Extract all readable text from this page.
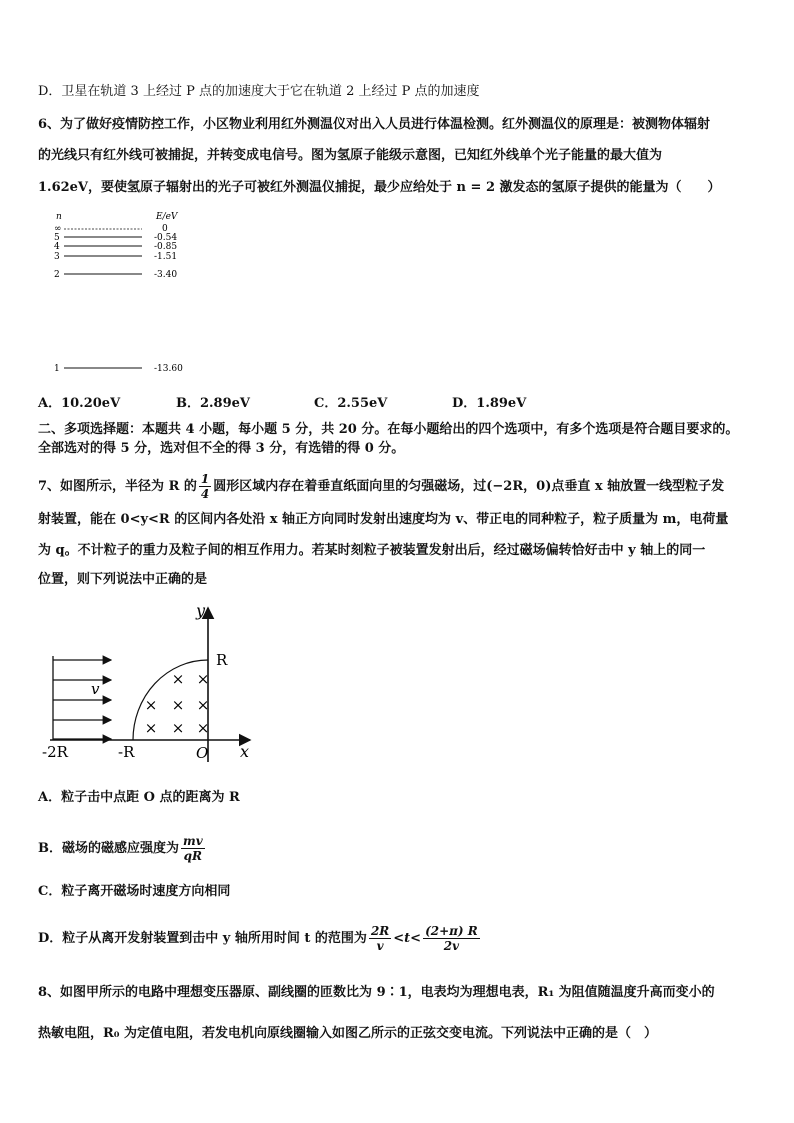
D．卫星在轨道 3 上经过 P 点的加速度大于它在轨道 2 上经过 P 点的加速度
6、为了做好疫情防控工作，小区物业利用红外测温仪对出入人员进行体温检测。红外测温仪的原理是：被测物体辐射
的光线只有红外线可被捕捉，并转变成电信号。图为氢原子能级示意图，已知红外线单个光子能量的最大值为
1.62eV，要使氢原子辐射出的光子可被红外测温仪捕捉，最少应给处于 n = 2 激发态的氢原子提供的能量为（　　）
n	E/eV
∞	0
5	-0.54
4	-0.85
3	-1.51
2	-3.40
1	-13.60
A．10.20eV	B．2.89eV	C．2.55eV	D．1.89eV
二、多项选择题：本题共 4 小题，每小题 5 分，共 20 分。在每小题给出的四个选项中，有多个选项是符合题目要求的。
全部选对的得 5 分，选对但不全的得 3 分，有选错的得 0 分。
7、如图所示，半径为 R 的 $\frac{1}{4}$ 圆形区域内存在着垂直纸面向里的匀强磁场，过(−2R，0)点垂直 x 轴放置一线型粒子发
射装置，能在 0<y<R 的区间内各处沿 x 轴正方向同时发射出速度均为 v、带正电的同种粒子，粒子质量为 m，电荷量
为 q。不计粒子的重力及粒子间的相互作用力。若某时刻粒子被装置发射出后，经过磁场偏转恰好击中 y 轴上的同一
位置，则下列说法中正确的是
× ×
× × ×
× × ×
y
x
R
v
-2R	-R	O
A．粒子击中点距 O 点的距离为 R
B．磁场的磁感应强度为 $\frac{mv}{qR}$
C．粒子离开磁场时速度方向相同
D．粒子从离开发射装置到击中 y 轴所用时间 t 的范围为 $\frac{2R}{v} <t< \frac{(2+\pi) R}{2v}$
8、如图甲所示的电路中理想变压器原、副线圈的匝数比为 9∶1，电表均为理想电表，R₁ 为阻值随温度升高而变小的
热敏电阻，R₀ 为定值电阻，若发电机向原线圈输入如图乙所示的正弦交变电流。下列说法中正确的是（　）
